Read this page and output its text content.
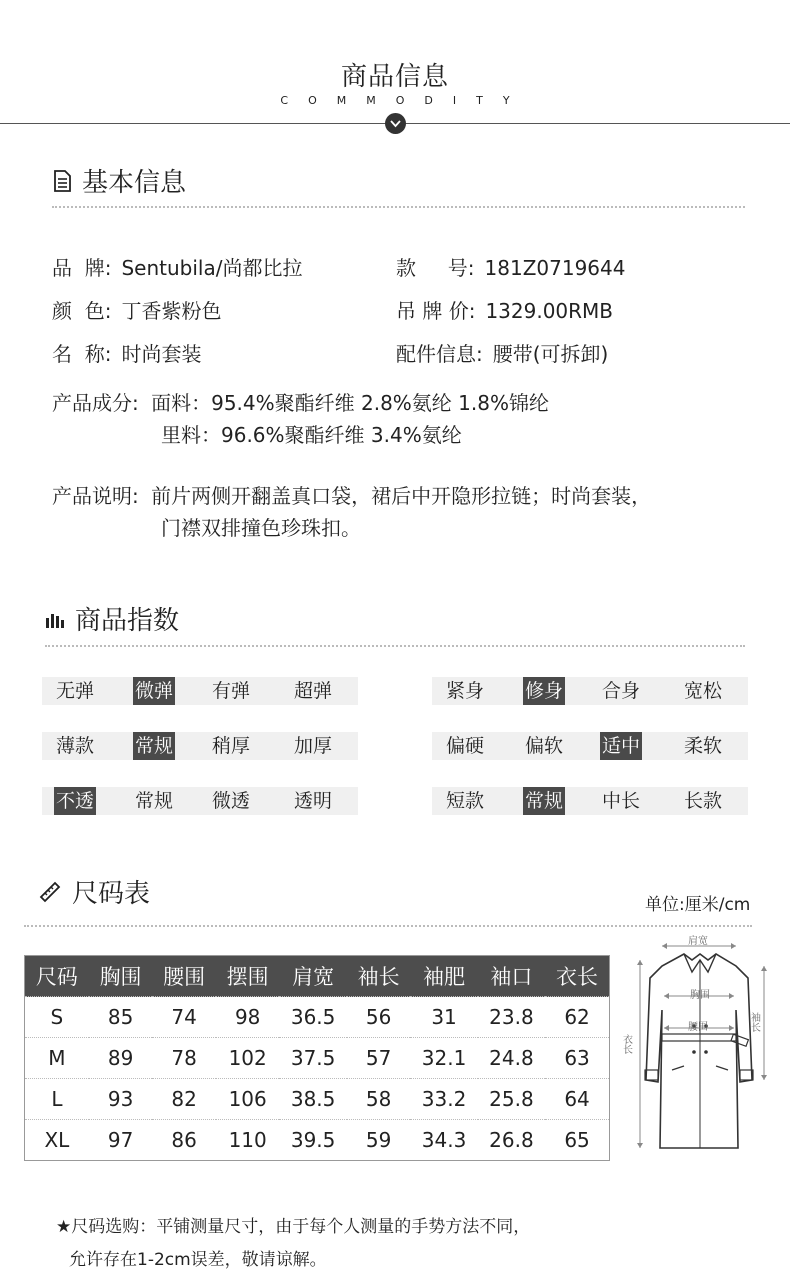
商品信息
COMMODITY
基本信息
品  牌: Sentubila/尚都比拉	款     号: 181Z0719644
颜  色: 丁香紫粉色	吊 牌 价: 1329.00RMB
名  称: 时尚套装	配件信息: 腰带(可拆卸)
产品成分: 面料：95.4%聚酯纤维 2.8%氨纶 1.8%锦纶
里料：96.6%聚酯纤维 3.4%氨纶
产品说明: 前片两侧开翻盖真口袋，裙后中开隐形拉链；时尚套装，
门襟双排撞色珍珠扣。
商品指数
无弹 微弹 有弹 超弹	紧身 修身 合身 宽松
薄款 常规 稍厚 加厚	偏硬 偏软 适中 柔软
不透 常规 微透 透明	短款 常规 中长 长款
尺码表	单位:厘米/cm
尺码	胸围	腰围	摆围	肩宽	袖长	袖肥	袖口	衣长
S	85	74	98	36.5	56	31	23.8	62
M	89	78	102	37.5	57	32.1	24.8	63
L	93	82	106	38.5	58	33.2	25.8	64
XL	97	86	110	39.5	59	34.3	26.8	65
肩宽
胸围
腰围	袖长
衣长
★尺码选购：平铺测量尺寸，由于每个人测量的手势方法不同，
允许存在1-2cm误差，敬请谅解。
